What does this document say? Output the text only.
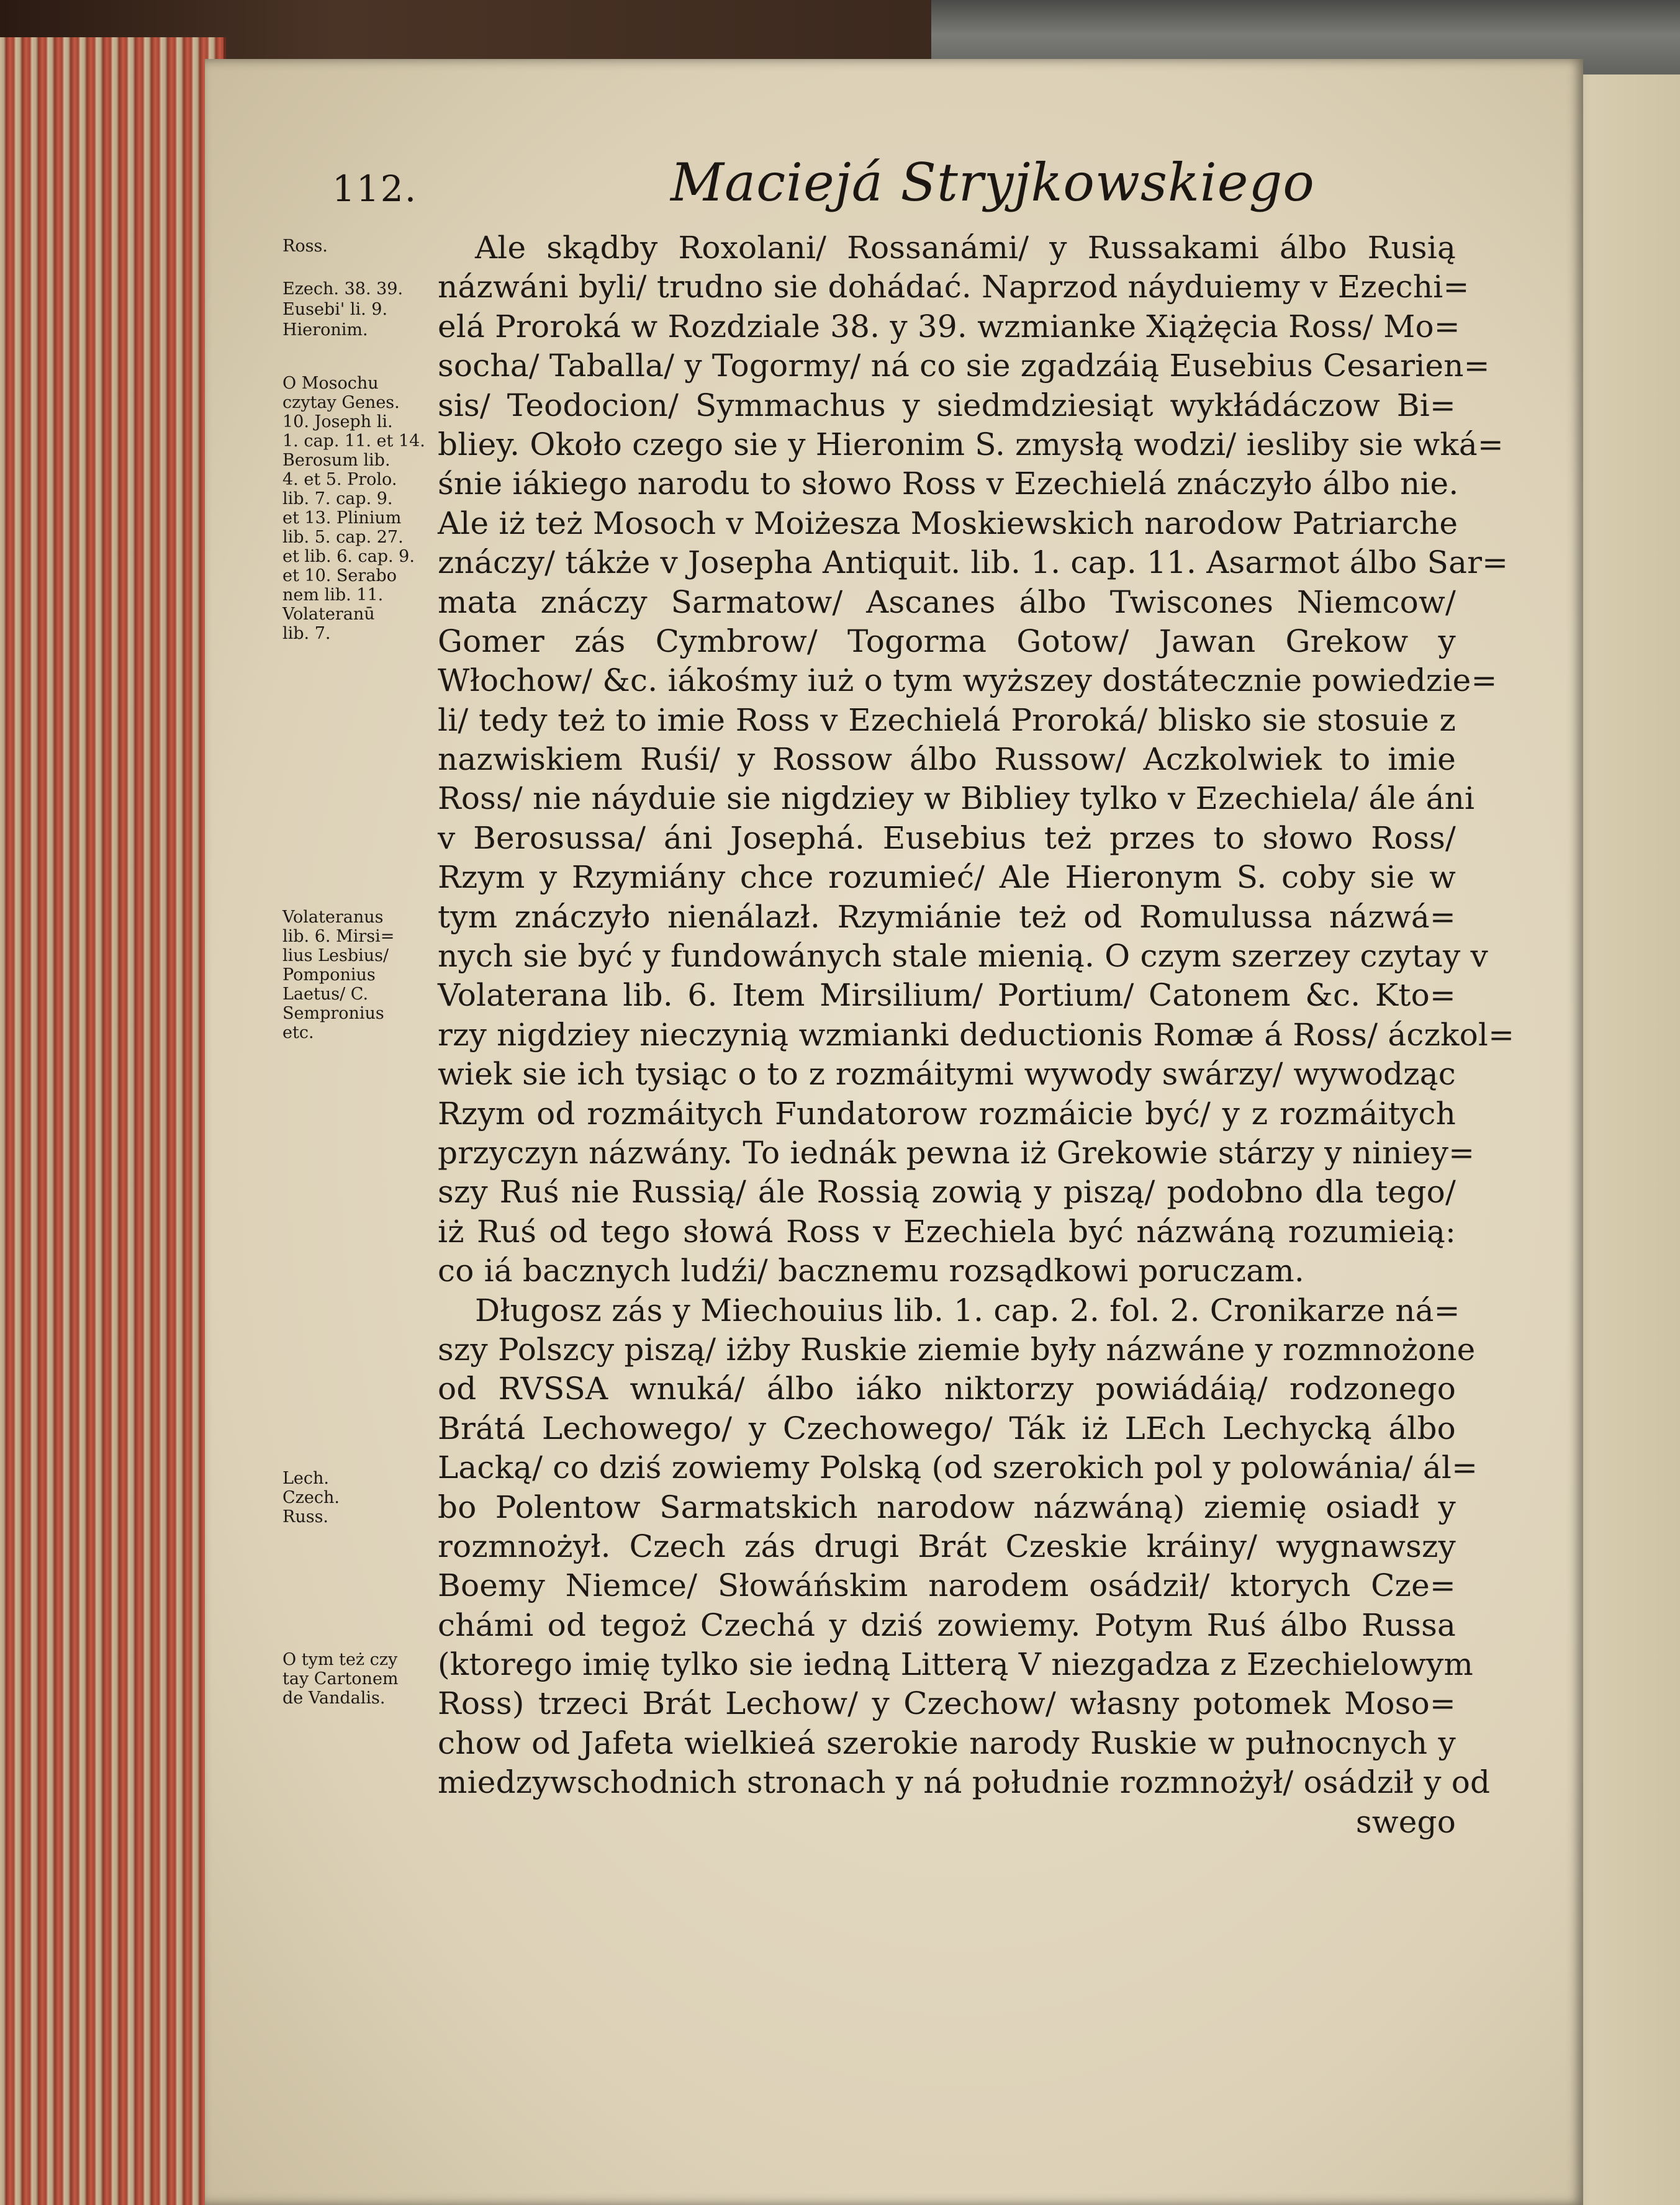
112.	Maciejá Stryjkowskiego
Ross.
Ezech. 38. 39.
Eusebi' li. 9.
Hieronim.
O Mosochu
czytay Genes.
10. Joseph li.
1. cap. 11. et 14.
Berosum lib.
4. et 5. Prolo.
lib. 7. cap. 9.
et 13. Plinium
lib. 5. cap. 27.
et lib. 6. cap. 9.
et 10. Serabo
nem lib. 11.
Volateranū
lib. 7.
Volateranus
lib. 6. Mirsi=
lius Lesbius/
Pomponius
Laetus/ C.
Sempronius
etc.
Lech.
Czech.
Russ.
O tym też czy
tay Cartonem
de Vandalis.
Ale skądby Roxolani/ Rossanámi/ y Russakami álbo Rusią
názwáni byli/ trudno sie dohádać. Naprzod náyduiemy v Ezechi=
elá Proroká w Rozdziale 38. y 39. wzmianke Xiążęcia Ross/ Mo=
socha/ Taballa/ y Togormy/ ná co sie zgadzáią Eusebius Cesarien=
sis/ Teodocion/ Symmachus y siedmdziesiąt wykłádáczow Bi=
bliey. Około czego sie y Hieronim S. zmysłą wodzi/ iesliby sie wká=
śnie iákiego narodu to słowo Ross v Ezechielá znáczyło álbo nie.
Ale iż też Mosoch v Moiżesza Moskiewskich narodow Patriarche
znáczy/ tákże v Josepha Antiquit. lib. 1. cap. 11. Asarmot álbo Sar=
mata znáczy Sarmatow/ Ascanes álbo Twiscones Niemcow/
Gomer zás Cymbrow/ Togorma Gotow/ Jawan Grekow y
Włochow/ &c. iákośmy iuż o tym wyższey dostátecznie powiedzie=
li/ tedy też to imie Ross v Ezechielá Proroká/ blisko sie stosuie z
nazwiskiem Ruśi/ y Rossow álbo Russow/ Aczkolwiek to imie
Ross/ nie náyduie sie nigdziey w Bibliey tylko v Ezechiela/ ále áni
v Berosussa/ áni Josephá. Eusebius też przes to słowo Ross/
Rzym y Rzymiány chce rozumieć/ Ale Hieronym S. coby sie w
tym znáczyło nienálazł. Rzymiánie też od Romulussa názwá=
nych sie być y fundowánych stale mienią. O czym szerzey czytay v
Volaterana lib. 6. Item Mirsilium/ Portium/ Catonem &c. Kto=
rzy nigdziey nieczynią wzmianki deductionis Romæ á Ross/ áczkol=
wiek sie ich tysiąc o to z rozmáitymi wywody swárzy/ wywodząc
Rzym od rozmáitych Fundatorow rozmáicie być/ y z rozmáitych
przyczyn názwány. To iednák pewna iż Grekowie stárzy y niniey=
szy Ruś nie Russią/ ále Rossią zowią y piszą/ podobno dla tego/
iż Ruś od tego słowá Ross v Ezechiela być názwáną rozumieią:
co iá bacznych ludźi/ bacznemu rozsądkowi poruczam.
Długosz zás y Miechouius lib. 1. cap. 2. fol. 2. Cronikarze ná=
szy Polszcy piszą/ iżby Ruskie ziemie były názwáne y rozmnożone
od RVSSA wnuká/ álbo iáko niktorzy powiádáią/ rodzonego
Brátá Lechowego/ y Czechowego/ Ták iż LEch Lechycką álbo
Lacką/ co dziś zowiemy Polską (od szerokich pol y polowánia/ ál=
bo Polentow Sarmatskich narodow názwáną) ziemię osiadł y
rozmnożył. Czech zás drugi Brát Czeskie kráiny/ wygnawszy
Boemy Niemce/ Słowáńskim narodem osádził/ ktorych Cze=
chámi od tegoż Czechá y dziś zowiemy. Potym Ruś álbo Russa
(ktorego imię tylko sie iedną Litterą V niezgadza z Ezechielowym
Ross) trzeci Brát Lechow/ y Czechow/ własny potomek Moso=
chow od Jafeta wielkieá szerokie narody Ruskie w pułnocnych y
miedzywschodnich stronach y ná południe rozmnożył/ osádził y od
swego
